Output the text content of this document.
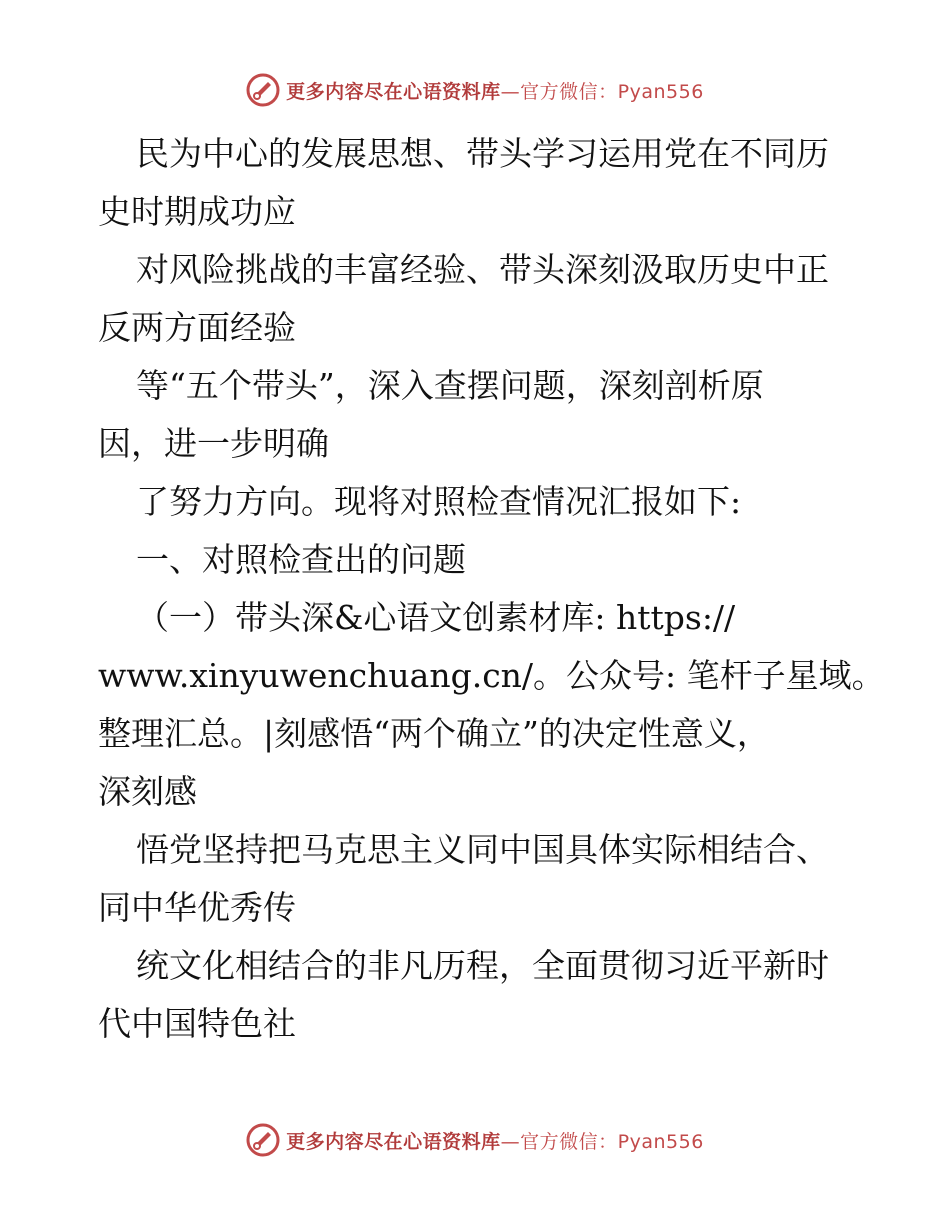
更多内容尽在心语资料库—官方微信：Pyan556

民为中心的发展思想、带头学习运用党在不同历
史时期成功应

对风险挑战的丰富经验、带头深刻汲取历史中正
反两方面经验

等“五个带头”，深入查摆问题，深刻剖析原
因，进一步明确

了努力方向。现将对照检查情况汇报如下:

一、对照检查出的问题

（一）带头深&心语文创素材库: https://
www.xinyuwenchuang.cn/。公众号: 笔杆子星域。
整理汇总。|刻感悟“两个确立”的决定性意义，
深刻感

悟党坚持把马克思主义同中国具体实际相结合、
同中华优秀传

统文化相结合的非凡历程，全面贯彻习近平新时
代中国特色社

更多内容尽在心语资料库—官方微信：Pyan556
